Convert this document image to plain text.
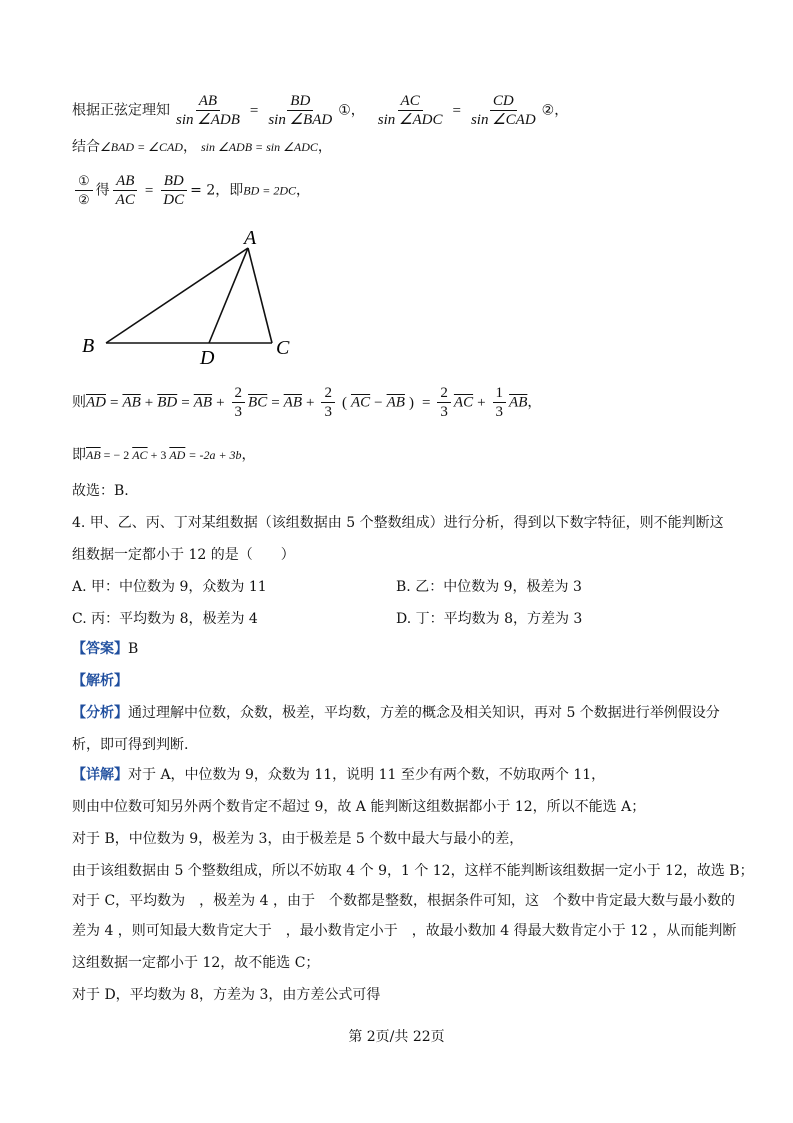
根据正弦定理知 $\frac{AB}{\text{sin ∠ADB}} = \frac{BD}{\text{sin ∠BAD}}$ ①， $\frac{AC}{\text{sin ∠ADC}} = \frac{CD}{\text{sin ∠CAD}}$ ②，
结合∠BAD = ∠CAD， sin ∠ADB = sin ∠ADC，
$\frac{\text{①}}{\text{②}}$ 得 $\frac{AB}{AC} = \frac{BD}{DC} = 2$，即BD = 2DC，
A
B	C
D
则$\overline{AD} = \overline{AB} + \overline{BD} = \overline{AB} + \frac{2}{3} \overline{BC} = \overline{AB} + \frac{2}{3}$ ( $\overline{AC} - \overline{AB}$ ) = $\frac{2}{3} \overline{AC} + \frac{1}{3} \overline{AB}$，
即$\overline{AB}$ = − 2 $\overline{AC} + 3$ $\overline{AD} = -2a + 3b$，
故选：B.
4. 甲、乙、丙、丁对某组数据（该组数据由 5 个整数组成）进行分析，得到以下数字特征，则不能判断这
组数据一定都小于 12 的是（　　）
A. 甲：中位数为 9，众数为 11	B. 乙：中位数为 9，极差为 3
C. 丙：平均数为 8，极差为 4	D. 丁：平均数为 8，方差为 3
【答案】B
【解析】
【分析】通过理解中位数，众数，极差，平均数，方差的概念及相关知识，再对 5 个数据进行举例假设分
析，即可得到判断.
【详解】对于 A，中位数为 9，众数为 11，说明 11 至少有两个数，不妨取两个 11，
则由中位数可知另外两个数肯定不超过 9，故 A 能判断这组数据都小于 12，所以不能选 A；
对于 B，中位数为 9，极差为 3，由于极差是 5 个数中最大与最小的差，
由于该组数据由 5 个整数组成，所以不妨取 4 个 9，1 个 12，这样不能判断该组数据一定小于 12，故选 B；
对于 C，平均数为　，极差为 4 ，由于　个数都是整数，根据条件可知，这　个数中肯定最大数与最小数的
差为 4 ，则可知最大数肯定大于　，最小数肯定小于　，故最小数加 4 得最大数肯定小于 12 ，从而能判断
这组数据一定都小于 12，故不能选 C；
对于 D，平均数为 8，方差为 3，由方差公式可得
第 2页/共 22页
